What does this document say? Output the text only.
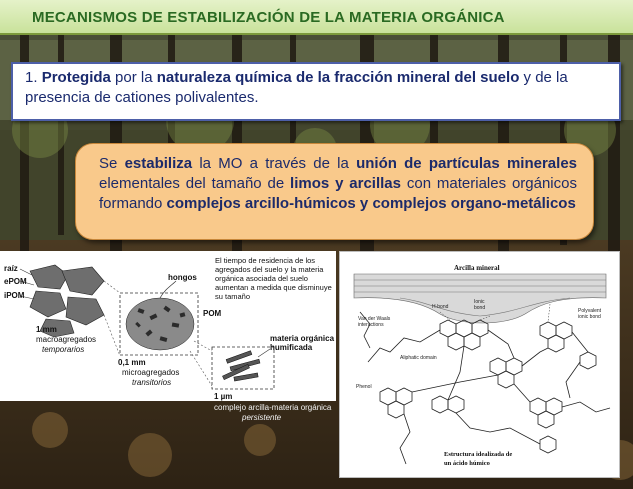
MECANISMOS DE ESTABILIZACIÓN DE LA MATERIA ORGÁNICA
1. Protegida por la naturaleza química de la fracción mineral del suelo y de la presencia de cationes polivalentes.
Se estabiliza la MO a través de la unión de partículas minerales elementales del tamaño de limos y arcillas con materiales orgánicos formando complejos arcillo-húmicos y complejos organo-metálicos
raíz
ePOM
iPOM
hongos
POM
materia orgánica
humificada
El tiempo de residencia de los agregados del suelo y la materia orgánica asociada del suelo aumentan a medida que disminuye su tamaño
1 mm
macroagregados
temporarios
0,1 mm
microagregados
transitorios
1 µm
complejo arcilla-materia orgánica
persistente
Arcilla mineral
H-bond
Ionic bond	Polyvalent ionic bond
Van der Waals interactions
Aliphatic domain
Phenol
Estructura idealizada de
un ácido húmico
